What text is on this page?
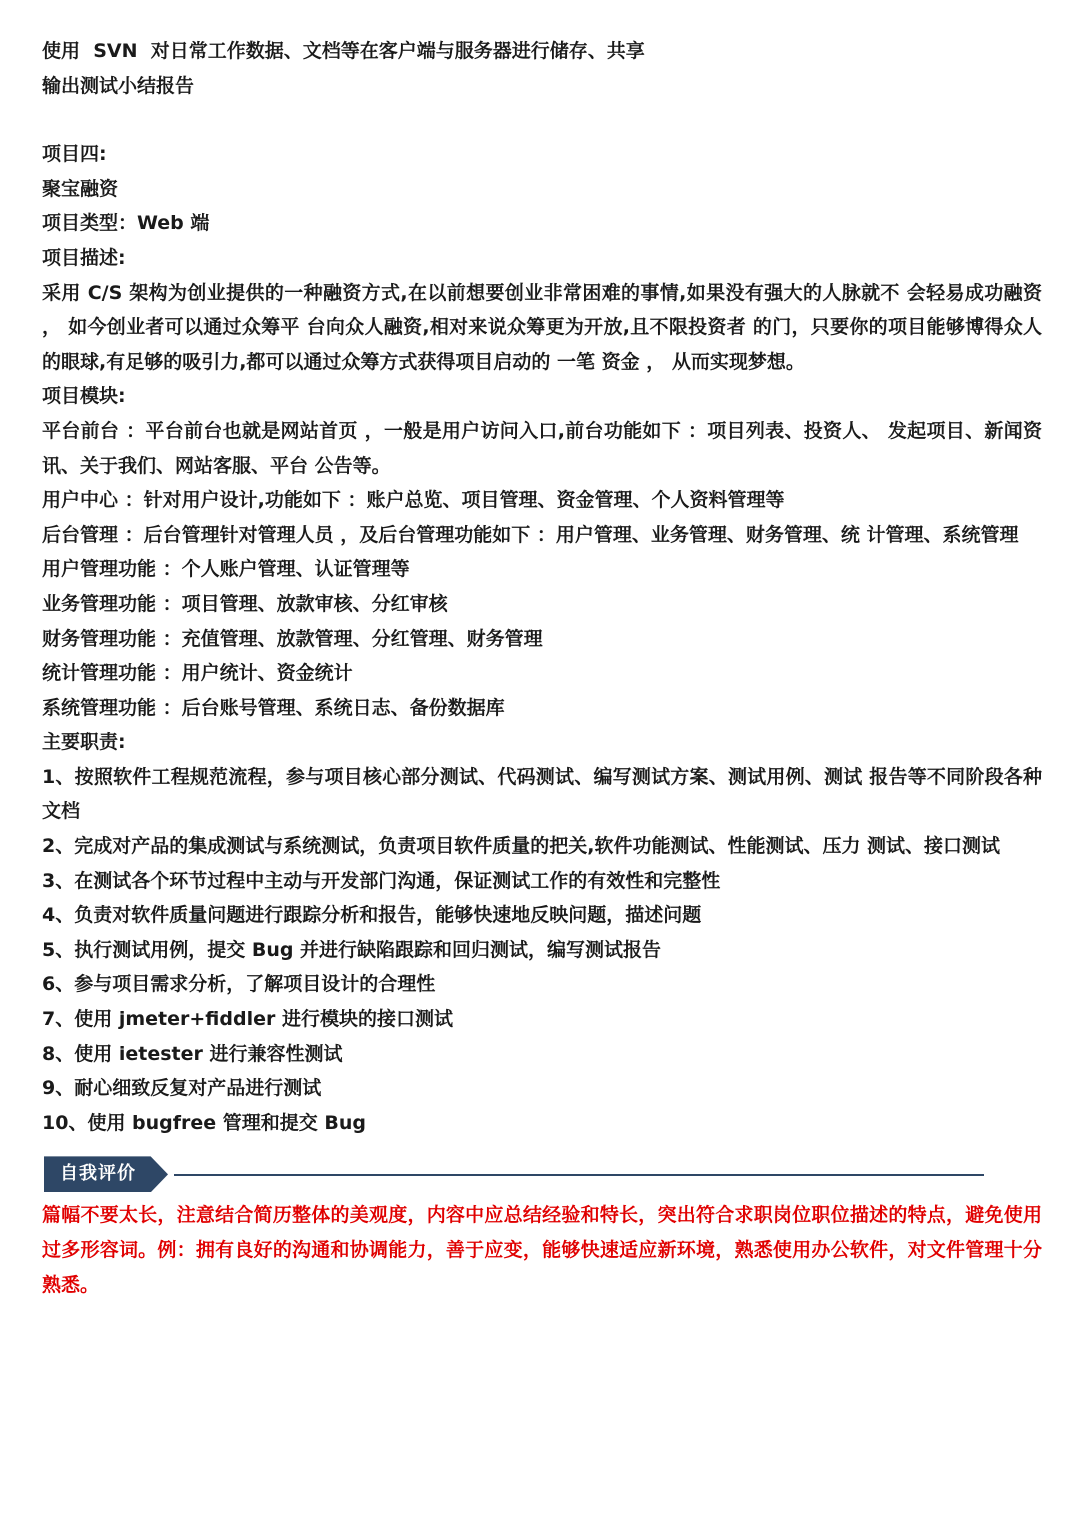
使用  SVN  对日常工作数据、文档等在客户端与服务器进行储存、共享

输出测试小结报告

项目四:

聚宝融资

项目类型：Web 端

项目描述:

采用 C/S 架构为创业提供的一种融资方式,在以前想要创业非常困难的事情,如果没有强大的人脉就不 会轻易成功融资 ， 如今创业者可以通过众筹平 台向众人融资,相对来说众筹更为开放,且不限投资者 的门，只要你的项目能够博得众人的眼球,有足够的吸引力,都可以通过众筹方式获得项目启动的 一笔 资金 ， 从而实现梦想。

项目模块:

平台前台 ：平台前台也就是网站首页 ，一般是用户访问入口,前台功能如下 ：项目列表、投资人、 发起项目、新闻资讯、关于我们、网站客服、平台 公告等。

用户中心 ：针对用户设计,功能如下 ：账户总览、项目管理、资金管理、个人资料管理等

后台管理 ：后台管理针对管理人员 ，及后台管理功能如下 ：用户管理、业务管理、财务管理、统 计管理、系统管理

用户管理功能 ：个人账户管理、认证管理等

业务管理功能 ：项目管理、放款审核、分红审核

财务管理功能 ：充值管理、放款管理、分红管理、财务管理

统计管理功能 ：用户统计、资金统计

系统管理功能 ：后台账号管理、系统日志、备份数据库

主要职责:

1、按照软件工程规范流程，参与项目核心部分测试、代码测试、编写测试方案、测试用例、测试 报告等不同阶段各种文档

2、完成对产品的集成测试与系统测试，负责项目软件质量的把关,软件功能测试、性能测试、压力 测试、接口测试

3、在测试各个环节过程中主动与开发部门沟通，保证测试工作的有效性和完整性

4、负责对软件质量问题进行跟踪分析和报告，能够快速地反映问题，描述问题

5、执行测试用例，提交 Bug 并进行缺陷跟踪和回归测试，编写测试报告

6、参与项目需求分析，了解项目设计的合理性

7、使用 jmeter+fiddler 进行模块的接口测试

8、使用 ietester 进行兼容性测试

9、耐心细致反复对产品进行测试

10、使用 bugfree 管理和提交 Bug

自我评价

篇幅不要太长，注意结合简历整体的美观度，内容中应总结经验和特长，突出符合求职岗位职位描述的特点，避免使用过多形容词。例：拥有良好的沟通和协调能力，善于应变，能够快速适应新环境，熟悉使用办公软件，对文件管理十分熟悉。
